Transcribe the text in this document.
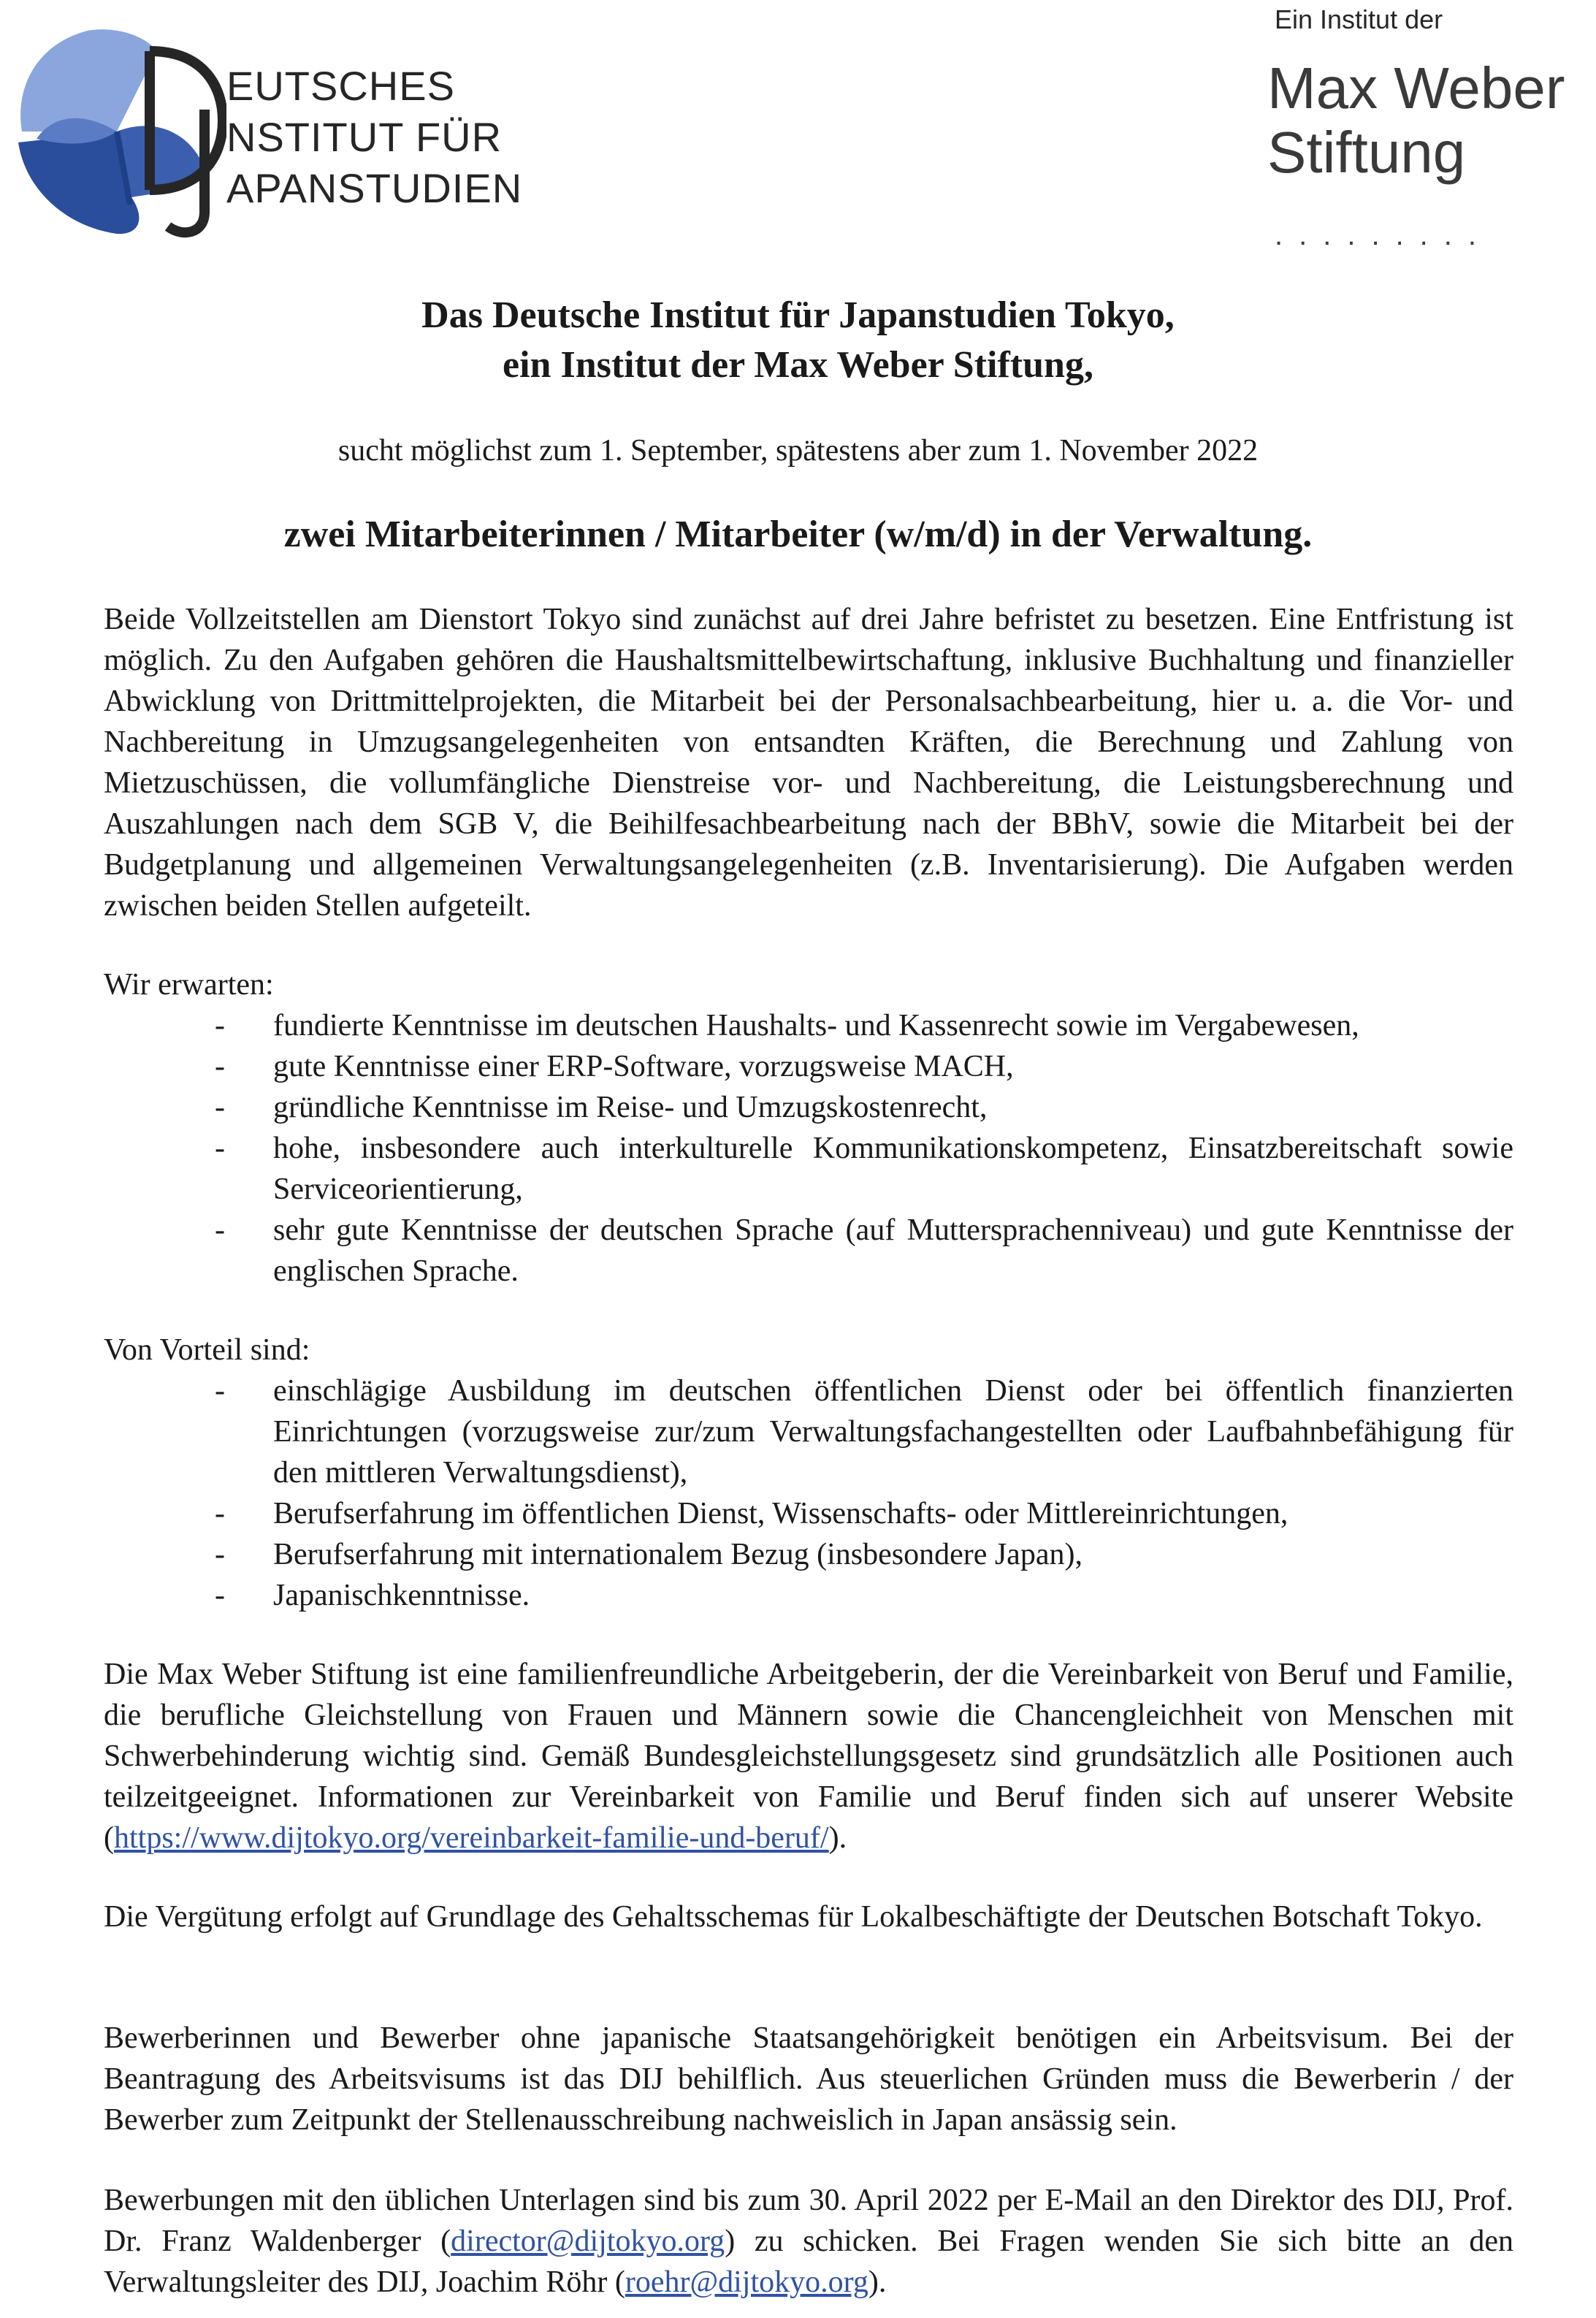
EUTSCHES
NSTITUT FÜR
APANSTUDIEN
Ein Institut der
Max Weber
Stiftung
.........
Das Deutsche Institut für Japanstudien Tokyo,
ein Institut der Max Weber Stiftung,
sucht möglichst zum 1. September, spätestens aber zum 1. November 2022
zwei Mitarbeiterinnen / Mitarbeiter (w/m/d) in der Verwaltung.
Beide Vollzeitstellen am Dienstort Tokyo sind zunächst auf drei Jahre befristet zu besetzen. Eine Entfristung ist möglich. Zu den Aufgaben gehören die Haushaltsmittelbewirtschaftung, inklusive Buchhaltung und finanzieller Abwicklung von Drittmittelprojekten, die Mitarbeit bei der Personalsachbearbeitung, hier u. a. die Vor- und Nachbereitung in Umzugsangelegenheiten von entsandten Kräften, die Berechnung und Zahlung von Mietzuschüssen, die vollumfängliche Dienstreise vor- und Nachbereitung, die Leistungsberechnung und Auszahlungen nach dem SGB V, die Beihilfesachbearbeitung nach der BBhV, sowie die Mitarbeit bei der Budgetplanung und allgemeinen Verwaltungsangelegenheiten (z.B. Inventarisierung). Die Aufgaben werden zwischen beiden Stellen aufgeteilt.
Wir erwarten:
- fundierte Kenntnisse im deutschen Haushalts- und Kassenrecht sowie im Vergabewesen,
- gute Kenntnisse einer ERP-Software, vorzugsweise MACH,
- gründliche Kenntnisse im Reise- und Umzugskostenrecht,
- hohe, insbesondere auch interkulturelle Kommunikationskompetenz, Einsatzbereitschaft sowie Serviceorientierung,
- sehr gute Kenntnisse der deutschen Sprache (auf Muttersprachenniveau) und gute Kenntnisse der englischen Sprache.
Von Vorteil sind:
- einschlägige Ausbildung im deutschen öffentlichen Dienst oder bei öffentlich finanzierten Einrichtungen (vorzugsweise zur/zum Verwaltungsfachangestellten oder Laufbahnbefähigung für den mittleren Verwaltungsdienst),
- Berufserfahrung im öffentlichen Dienst, Wissenschafts- oder Mittlereinrichtungen,
- Berufserfahrung mit internationalem Bezug (insbesondere Japan),
- Japanischkenntnisse.
Die Max Weber Stiftung ist eine familienfreundliche Arbeitgeberin, der die Vereinbarkeit von Beruf und Familie, die berufliche Gleichstellung von Frauen und Männern sowie die Chancengleichheit von Menschen mit Schwerbehinderung wichtig sind. Gemäß Bundesgleichstellungsgesetz sind grundsätzlich alle Positionen auch teilzeitgeeignet. Informationen zur Vereinbarkeit von Familie und Beruf finden sich auf unserer Website (https://www.dijtokyo.org/vereinbarkeit-familie-und-beruf/).
Die Vergütung erfolgt auf Grundlage des Gehaltsschemas für Lokalbeschäftigte der Deutschen Botschaft Tokyo.
Bewerberinnen und Bewerber ohne japanische Staatsangehörigkeit benötigen ein Arbeitsvisum. Bei der Beantragung des Arbeitsvisums ist das DIJ behilflich. Aus steuerlichen Gründen muss die Bewerberin / der Bewerber zum Zeitpunkt der Stellenausschreibung nachweislich in Japan ansässig sein.
Bewerbungen mit den üblichen Unterlagen sind bis zum 30. April 2022 per E-Mail an den Direktor des DIJ, Prof. Dr. Franz Waldenberger (director@dijtokyo.org) zu schicken. Bei Fragen wenden Sie sich bitte an den Verwaltungsleiter des DIJ, Joachim Röhr (roehr@dijtokyo.org).
